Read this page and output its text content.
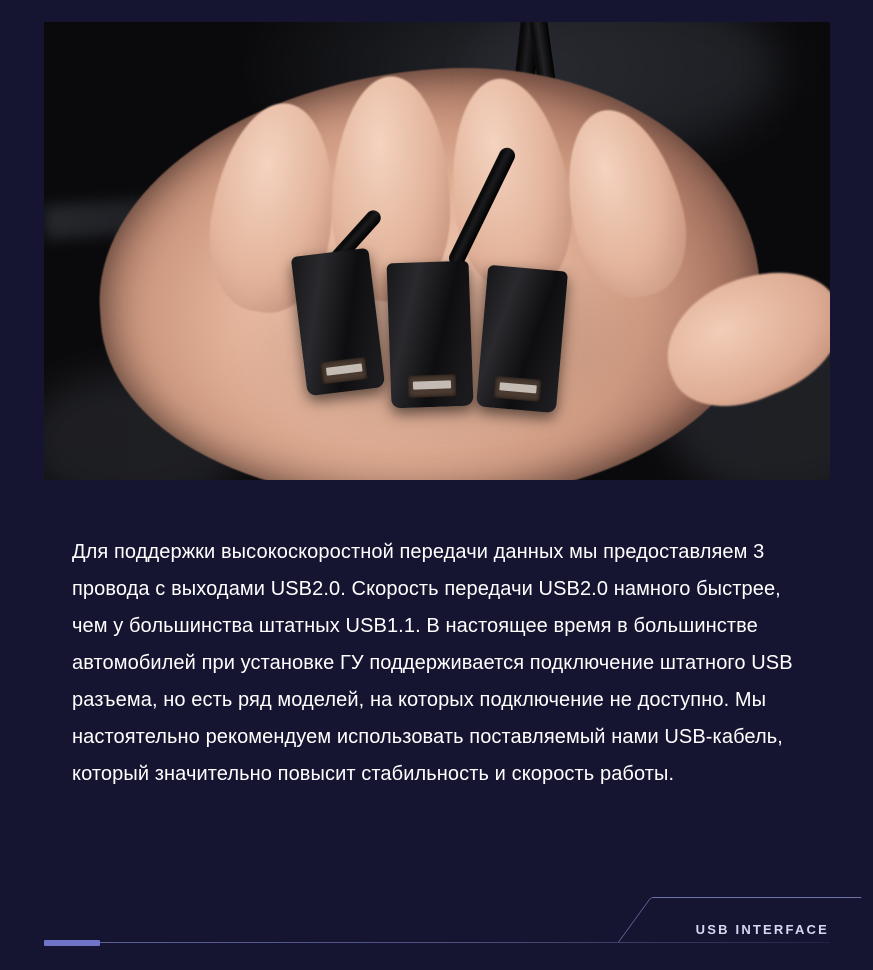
Для поддержки высокоскоростной передачи данных мы предоставляем 3 провода с выходами USB2.0. Скорость передачи USB2.0 намного быстрее, чем у большинства штатных USB1.1. В настоящее время в большинстве автомобилей при установке ГУ поддерживается подключение штатного USB разъема, но есть ряд моделей, на которых подключение не доступно. Мы настоятельно рекомендуем использовать поставляемый нами USB-кабель, который значительно повысит стабильность и скорость работы.
USB INTERFACE
